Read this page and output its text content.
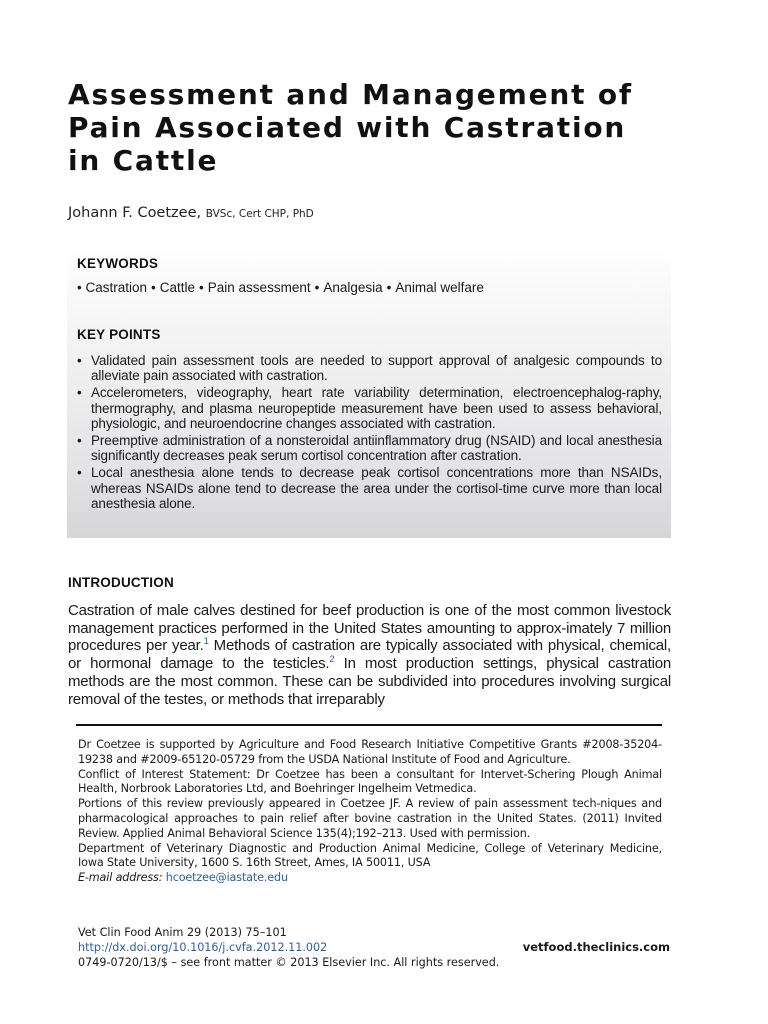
Assessment and Management of
Pain Associated with Castration
in Cattle
Johann F. Coetzee, BVSc, Cert CHP, PhD
KEYWORDS
• Castration • Cattle • Pain assessment • Analgesia • Animal welfare
KEY POINTS
• Validated pain assessment tools are needed to support approval of analgesic compounds to alleviate pain associated with castration.
• Accelerometers, videography, heart rate variability determination, electroencephalog-raphy, thermography, and plasma neuropeptide measurement have been used to assess behavioral, physiologic, and neuroendocrine changes associated with castration.
• Preemptive administration of a nonsteroidal antiinflammatory drug (NSAID) and local anesthesia significantly decreases peak serum cortisol concentration after castration.
• Local anesthesia alone tends to decrease peak cortisol concentrations more than NSAIDs, whereas NSAIDs alone tend to decrease the area under the cortisol-time curve more than local anesthesia alone.
INTRODUCTION
Castration of male calves destined for beef production is one of the most common livestock management practices performed in the United States amounting to approx-imately 7 million procedures per year.$^1$ Methods of castration are typically associated with physical, chemical, or hormonal damage to the testicles.$^2$ In most production settings, physical castration methods are the most common. These can be subdivided into procedures involving surgical removal of the testes, or methods that irreparably

Dr Coetzee is supported by Agriculture and Food Research Initiative Competitive Grants #2008-35204-19238 and #2009-65120-05729 from the USDA National Institute of Food and Agriculture.

Conflict of Interest Statement: Dr Coetzee has been a consultant for Intervet-Schering Plough Animal Health, Norbrook Laboratories Ltd, and Boehringer Ingelheim Vetmedica.

Portions of this review previously appeared in Coetzee JF. A review of pain assessment tech-niques and pharmacological approaches to pain relief after bovine castration in the United States. (2011) Invited Review. Applied Animal Behavioral Science 135(4);192–213. Used with permission.

Department of Veterinary Diagnostic and Production Animal Medicine, College of Veterinary Medicine, Iowa State University, 1600 S. 16th Street, Ames, IA 50011, USA

E-mail address: hcoetzee@iastate.edu

Vet Clin Food Anim 29 (2013) 75–101
http://dx.doi.org/10.1016/j.cvfa.2012.11.002	vetfood.theclinics.com
0749-0720/13/$ – see front matter © 2013 Elsevier Inc. All rights reserved.
